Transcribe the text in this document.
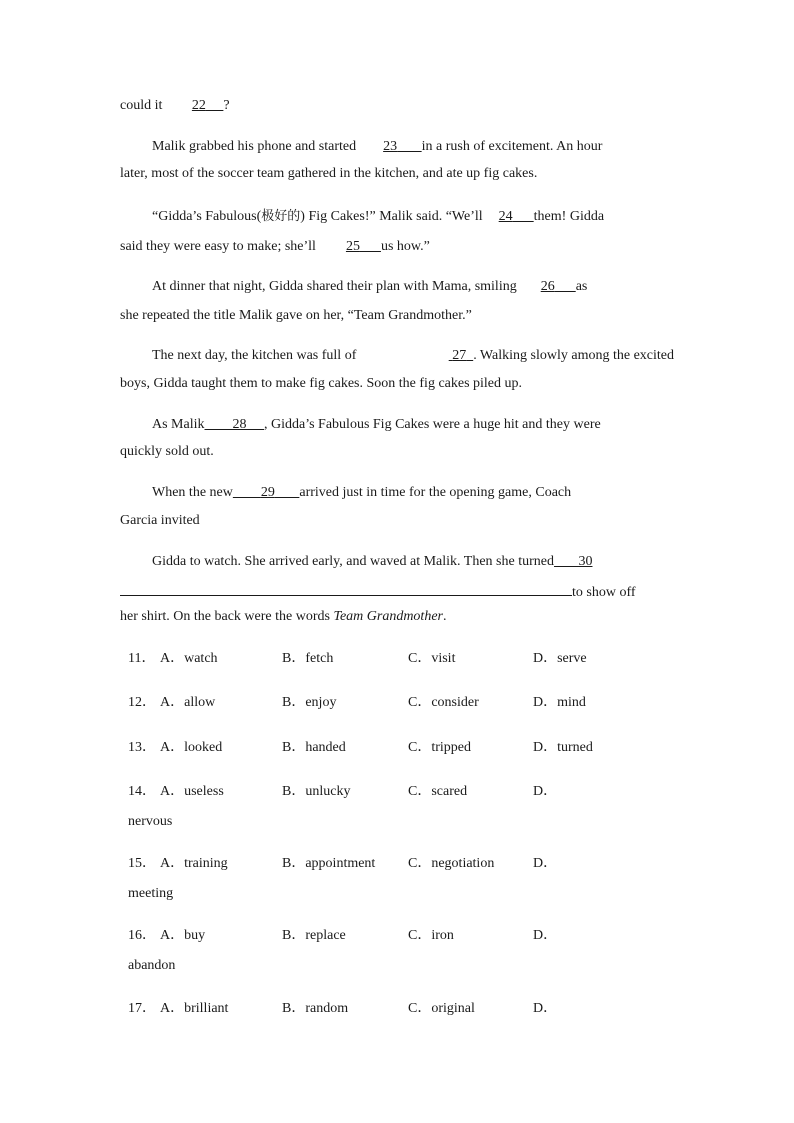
could it 22 ?
Malik grabbed his phone and started 23 in a rush of excitement. An hour
later, most of the soccer team gathered in the kitchen, and ate up fig cakes.
“Gidda’s Fabulous(极好的) Fig Cakes!” Malik said. “We’ll 24 them! Gidda
said they were easy to make; she’ll 25 us how.”
At dinner that night, Gidda shared their plan with Mama, smiling 26 as
she repeated the title Malik gave on her, “Team Grandmother.”
The next day, the kitchen was full of	27 . Walking slowly among the excited
boys, Gidda taught them to make fig cakes. Soon the fig cakes piled up.
As Malik 28 , Gidda’s Fabulous Fig Cakes were a huge hit and they were
quickly sold out.
When the new 29 arrived just in time for the opening game, Coach
Garcia invited
Gidda to watch. She arrived early, and waved at Malik. Then she turned 30
to show off
her shirt. On the back were the words Team Grandmother.
11． A．watch	B．fetch	C．visit	D．serve
12． A．allow	B．enjoy	C．consider	D．mind
13． A．looked	B．handed	C．tripped	D．turned
14． A．useless	B．unlucky	C．scared	D．
nervous
15． A．training	B．appointment C．negotiation	D．
meeting
16． A．buy	B．replace	C．iron	D．
abandon
17． A．brilliant	B．random	C．original	D．
